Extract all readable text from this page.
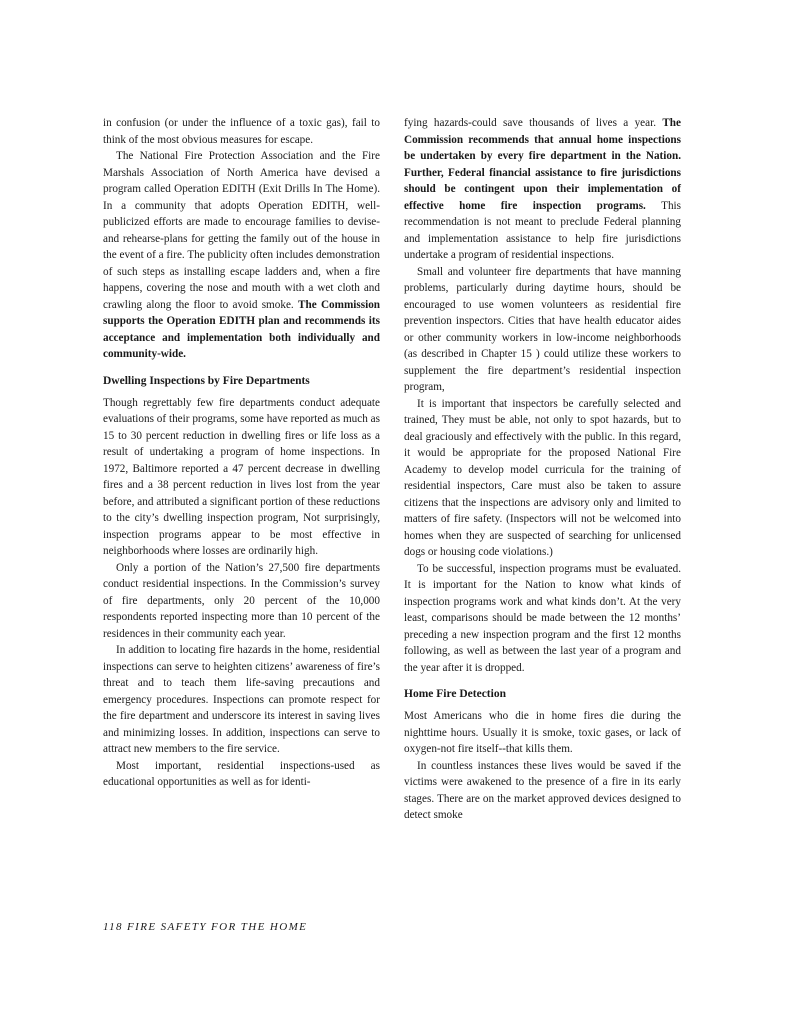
in confusion (or under the influence of a toxic gas), fail to think of the most obvious measures for escape.

The National Fire Protection Association and the Fire Marshals Association of North America have devised a program called Operation EDITH (Exit Drills In The Home). In a community that adopts Operation EDITH, well-publicized efforts are made to encourage families to devise-and rehearse-plans for getting the family out of the house in the event of a fire. The publicity often includes demonstration of such steps as installing escape ladders and, when a fire happens, covering the nose and mouth with a wet cloth and crawling along the floor to avoid smoke. The Commission supports the Operation EDITH plan and recommends its acceptance and implementation both individually and community-wide.

Dwelling Inspections by Fire Departments

Though regrettably few fire departments conduct adequate evaluations of their programs, some have reported as much as 15 to 30 percent reduction in dwelling fires or life loss as a result of undertaking a program of home inspections. In 1972, Baltimore reported a 47 percent decrease in dwelling fires and a 38 percent reduction in lives lost from the year before, and attributed a significant portion of these reductions to the city’s dwelling inspection program, Not surprisingly, inspection programs appear to be most effective in neighborhoods where losses are ordinarily high.

Only a portion of the Nation’s 27,500 fire departments conduct residential inspections. In the Commission’s survey of fire departments, only 20 percent of the 10,000 respondents reported inspecting more than 10 percent of the residences in their community each year.

In addition to locating fire hazards in the home, residential inspections can serve to heighten citizens’ awareness of fire’s threat and to teach them life-saving precautions and emergency procedures. Inspections can promote respect for the fire department and underscore its interest in saving lives and minimizing losses. In addition, inspections can serve to attract new members to the fire service.

Most important, residential inspections-used as educational opportunities as well as for identi-

fying hazards-could save thousands of lives a year. The Commission recommends that annual home inspections be undertaken by every fire department in the Nation. Further, Federal financial assistance to fire jurisdictions should be contingent upon their implementation of effective home fire inspection programs. This recommendation is not meant to preclude Federal planning and implementation assistance to help fire jurisdictions undertake a program of residential inspections.

Small and volunteer fire departments that have manning problems, particularly during daytime hours, should be encouraged to use women volunteers as residential fire prevention inspectors. Cities that have health educator aides or other community workers in low-income neighborhoods (as described in Chapter 15 ) could utilize these workers to supplement the fire department’s residential inspection program,

It is important that inspectors be carefully selected and trained, They must be able, not only to spot hazards, but to deal graciously and effectively with the public. In this regard, it would be appropriate for the proposed National Fire Academy to develop model curricula for the training of residential inspectors, Care must also be taken to assure citizens that the inspections are advisory only and limited to matters of fire safety. (Inspectors will not be welcomed into homes when they are suspected of searching for unlicensed dogs or housing code violations.)

To be successful, inspection programs must be evaluated. It is important for the Nation to know what kinds of inspection programs work and what kinds don’t. At the very least, comparisons should be made between the 12 months’ preceding a new inspection program and the first 12 months following, as well as between the last year of a program and the year after it is dropped.

Home Fire Detection

Most Americans who die in home fires die during the nighttime hours. Usually it is smoke, toxic gases, or lack of oxygen-not fire itself--that kills them.

In countless instances these lives would be saved if the victims were awakened to the presence of a fire in its early stages. There are on the market approved devices designed to detect smoke

118 FIRE SAFETY FOR THE HOME
